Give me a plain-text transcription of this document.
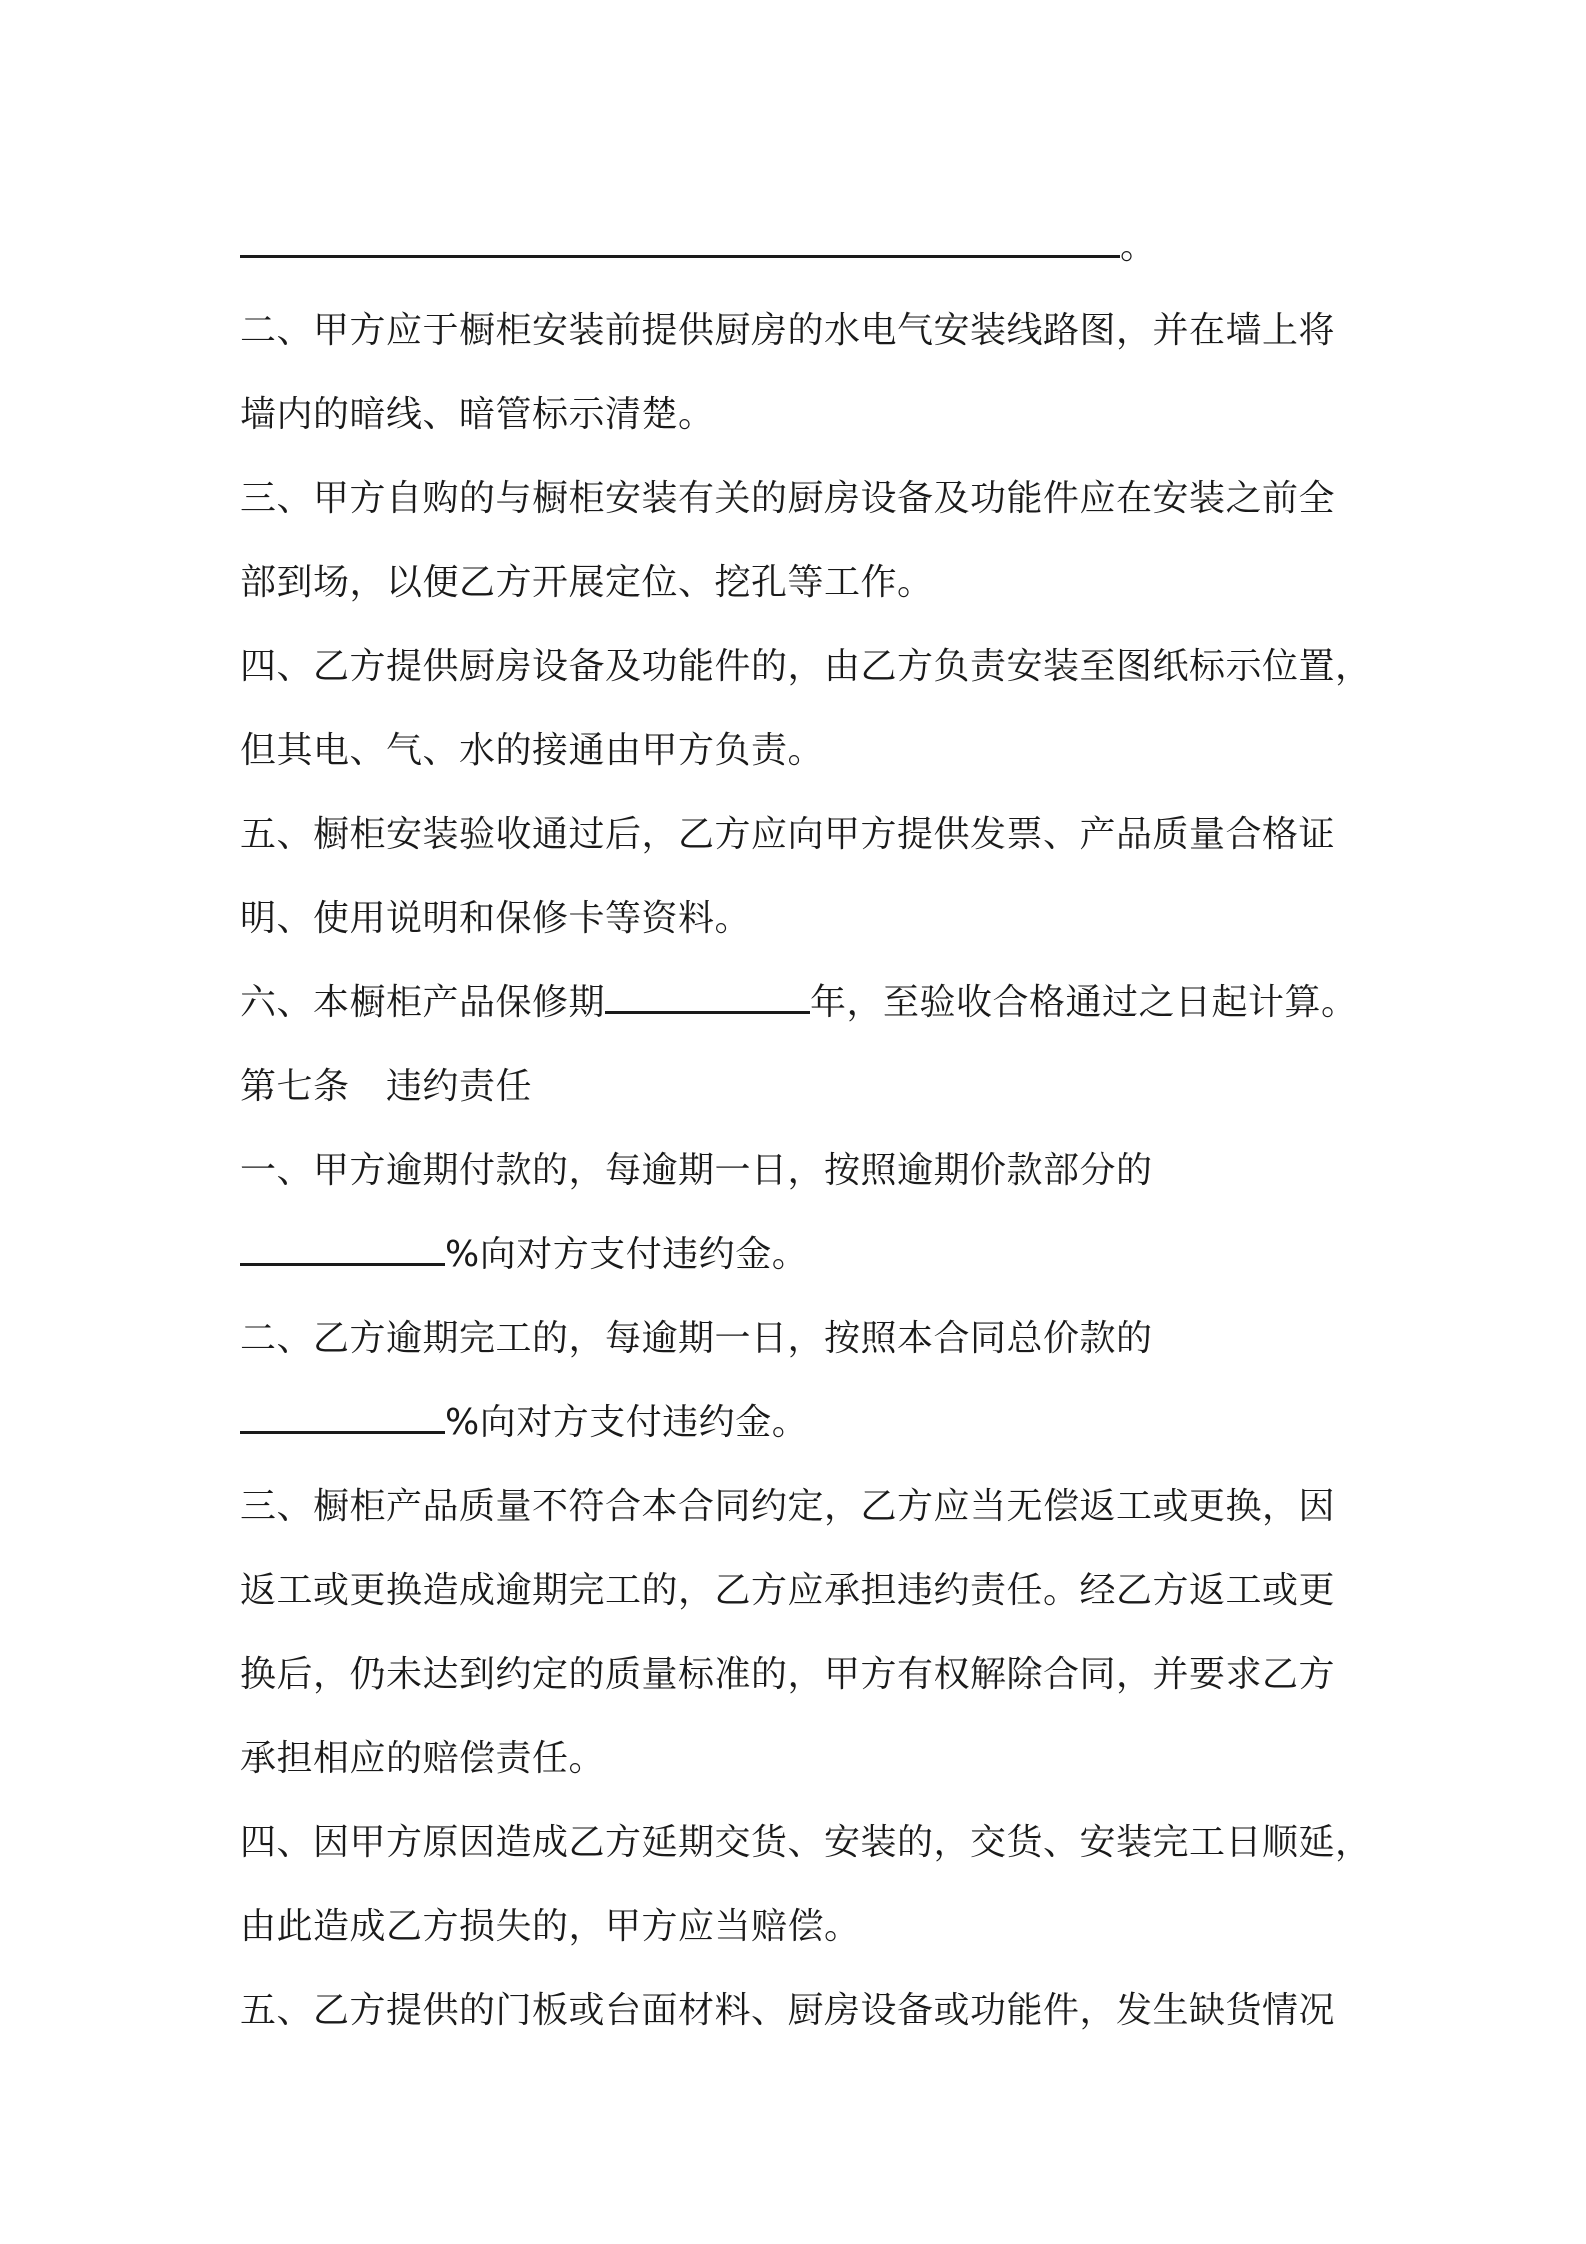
。
二、甲方应于橱柜安装前提供厨房的水电气安装线路图，并在墙上将
墙内的暗线、暗管标示清楚。
三、甲方自购的与橱柜安装有关的厨房设备及功能件应在安装之前全
部到场，以便乙方开展定位、挖孔等工作。
四、乙方提供厨房设备及功能件的，由乙方负责安装至图纸标示位置，
但其电、气、水的接通由甲方负责。
五、橱柜安装验收通过后，乙方应向甲方提供发票、产品质量合格证
明、使用说明和保修卡等资料。
六、本橱柜产品保修期	年，至验收合格通过之日起计算。
第七条　违约责任
一、甲方逾期付款的，每逾期一日，按照逾期价款部分的
%向对方支付违约金。
二、乙方逾期完工的，每逾期一日，按照本合同总价款的
%向对方支付违约金。
三、橱柜产品质量不符合本合同约定，乙方应当无偿返工或更换，因
返工或更换造成逾期完工的，乙方应承担违约责任。经乙方返工或更
换后，仍未达到约定的质量标准的，甲方有权解除合同，并要求乙方
承担相应的赔偿责任。
四、因甲方原因造成乙方延期交货、安装的，交货、安装完工日顺延，
由此造成乙方损失的，甲方应当赔偿。
五、乙方提供的门板或台面材料、厨房设备或功能件，发生缺货情况
